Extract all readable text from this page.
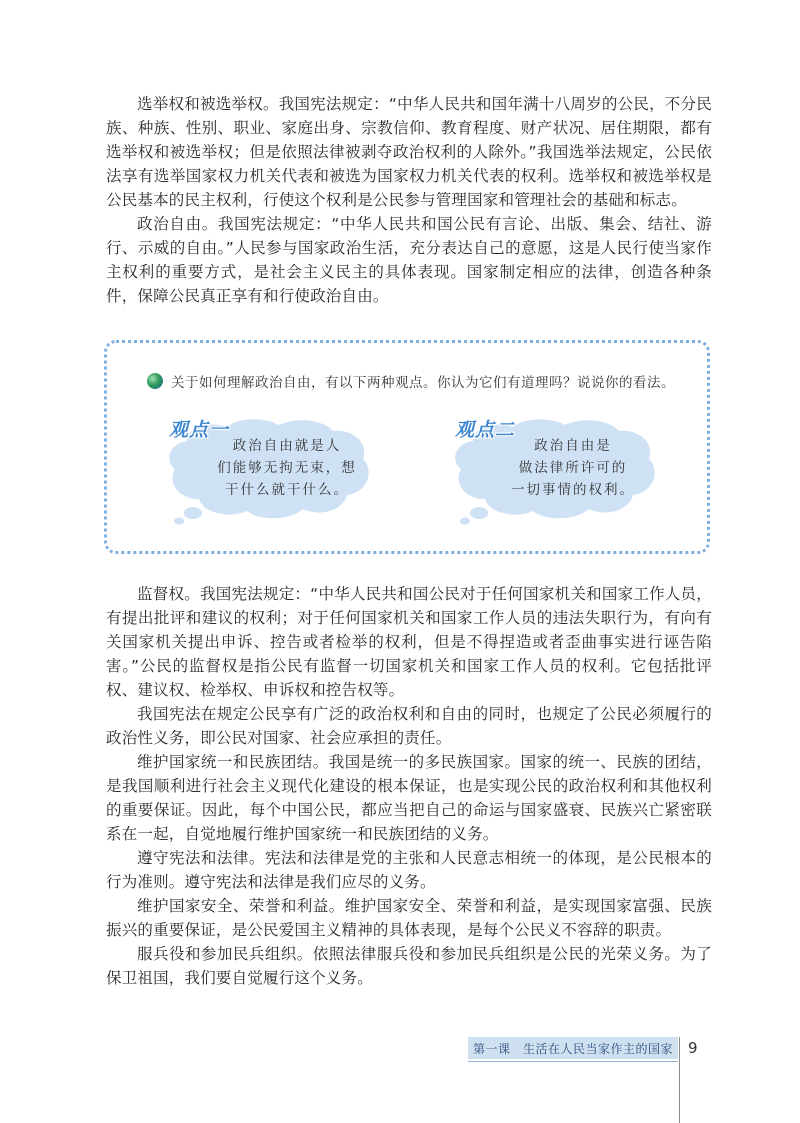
选举权和被选举权。我国宪法规定：“中华人民共和国年满十八周岁的公民，不分民族、种族、性别、职业、家庭出身、宗教信仰、教育程度、财产状况、居住期限，都有选举权和被选举权；但是依照法律被剥夺政治权利的人除外。”我国选举法规定，公民依法享有选举国家权力机关代表和被选为国家权力机关代表的权利。选举权和被选举权是公民基本的民主权利，行使这个权利是公民参与管理国家和管理社会的基础和标志。

政治自由。我国宪法规定：“中华人民共和国公民有言论、出版、集会、结社、游行、示威的自由。”人民参与国家政治生活，充分表达自己的意愿，这是人民行使当家作主权利的重要方式，是社会主义民主的具体表现。国家制定相应的法律，创造各种条件，保障公民真正享有和行使政治自由。

关于如何理解政治自由，有以下两种观点。你认为它们有道理吗？说说你的看法。
观点一
政治自由就是人
们能够无拘无束，想
干什么就干什么。
观点二
政治自由是
做法律所许可的
一切事情的权利。

监督权。我国宪法规定：“中华人民共和国公民对于任何国家机关和国家工作人员，有提出批评和建议的权利；对于任何国家机关和国家工作人员的违法失职行为，有向有关国家机关提出申诉、控告或者检举的权利，但是不得捏造或者歪曲事实进行诬告陷害。”公民的监督权是指公民有监督一切国家机关和国家工作人员的权利。它包括批评权、建议权、检举权、申诉权和控告权等。

我国宪法在规定公民享有广泛的政治权利和自由的同时，也规定了公民必须履行的政治性义务，即公民对国家、社会应承担的责任。

维护国家统一和民族团结。我国是统一的多民族国家。国家的统一、民族的团结，是我国顺利进行社会主义现代化建设的根本保证，也是实现公民的政治权利和其他权利的重要保证。因此，每个中国公民，都应当把自己的命运与国家盛衰、民族兴亡紧密联系在一起，自觉地履行维护国家统一和民族团结的义务。

遵守宪法和法律。宪法和法律是党的主张和人民意志相统一的体现，是公民根本的行为准则。遵守宪法和法律是我们应尽的义务。

维护国家安全、荣誉和利益。维护国家安全、荣誉和利益，是实现国家富强、民族振兴的重要保证，是公民爱国主义精神的具体表现，是每个公民义不容辞的职责。

服兵役和参加民兵组织。依照法律服兵役和参加民兵组织是公民的光荣义务。为了保卫祖国，我们要自觉履行这个义务。

第一课　生活在人民当家作主的国家	9
